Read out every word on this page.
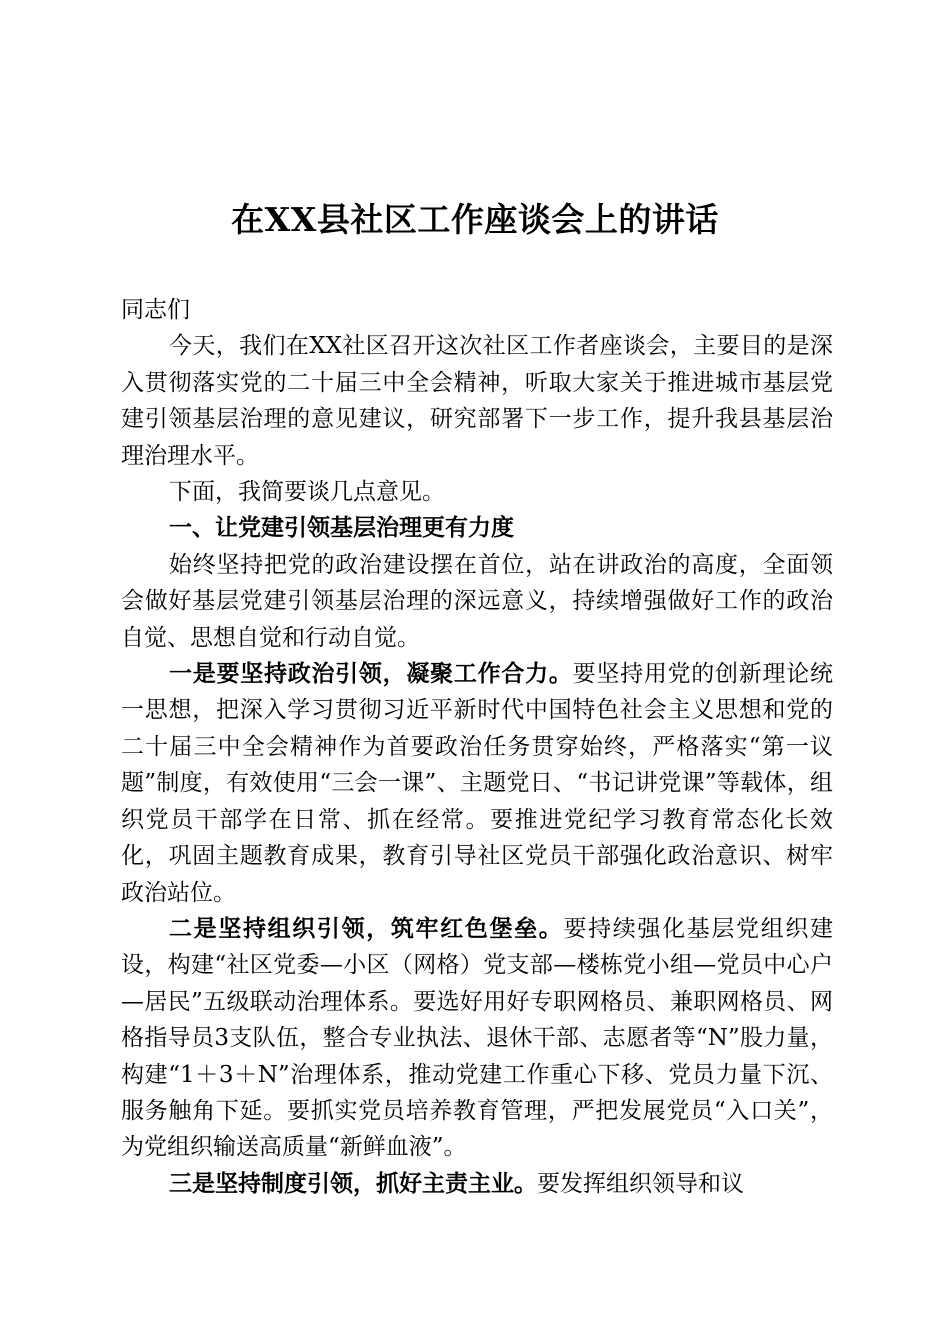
在XX县社区工作座谈会上的讲话

同志们

今天，我们在XX社区召开这次社区工作者座谈会，主要目的是深入贯彻落实党的二十届三中全会精神，听取大家关于推进城市基层党建引领基层治理的意见建议，研究部署下一步工作，提升我县基层治理治理水平。

下面，我简要谈几点意见。

一、让党建引领基层治理更有力度

始终坚持把党的政治建设摆在首位，站在讲政治的高度，全面领会做好基层党建引领基层治理的深远意义，持续增强做好工作的政治自觉、思想自觉和行动自觉。

一是要坚持政治引领，凝聚工作合力。要坚持用党的创新理论统一思想，把深入学习贯彻习近平新时代中国特色社会主义思想和党的二十届三中全会精神作为首要政治任务贯穿始终，严格落实“第一议题”制度，有效使用“三会一课”、主题党日、“书记讲党课”等载体，组织党员干部学在日常、抓在经常。要推进党纪学习教育常态化长效化，巩固主题教育成果，教育引导社区党员干部强化政治意识、树牢政治站位。

二是坚持组织引领，筑牢红色堡垒。要持续强化基层党组织建设，构建“社区党委—小区（网格）党支部—楼栋党小组—党员中心户—居民”五级联动治理体系。要选好用好专职网格员、兼职网格员、网格指导员3支队伍，整合专业执法、退休干部、志愿者等“N”股力量，构建“1＋3＋N”治理体系，推动党建工作重心下移、党员力量下沉、服务触角下延。要抓实党员培养教育管理，严把发展党员“入口关”，为党组织输送高质量“新鲜血液”。

三是坚持制度引领，抓好主责主业。要发挥组织领导和议
